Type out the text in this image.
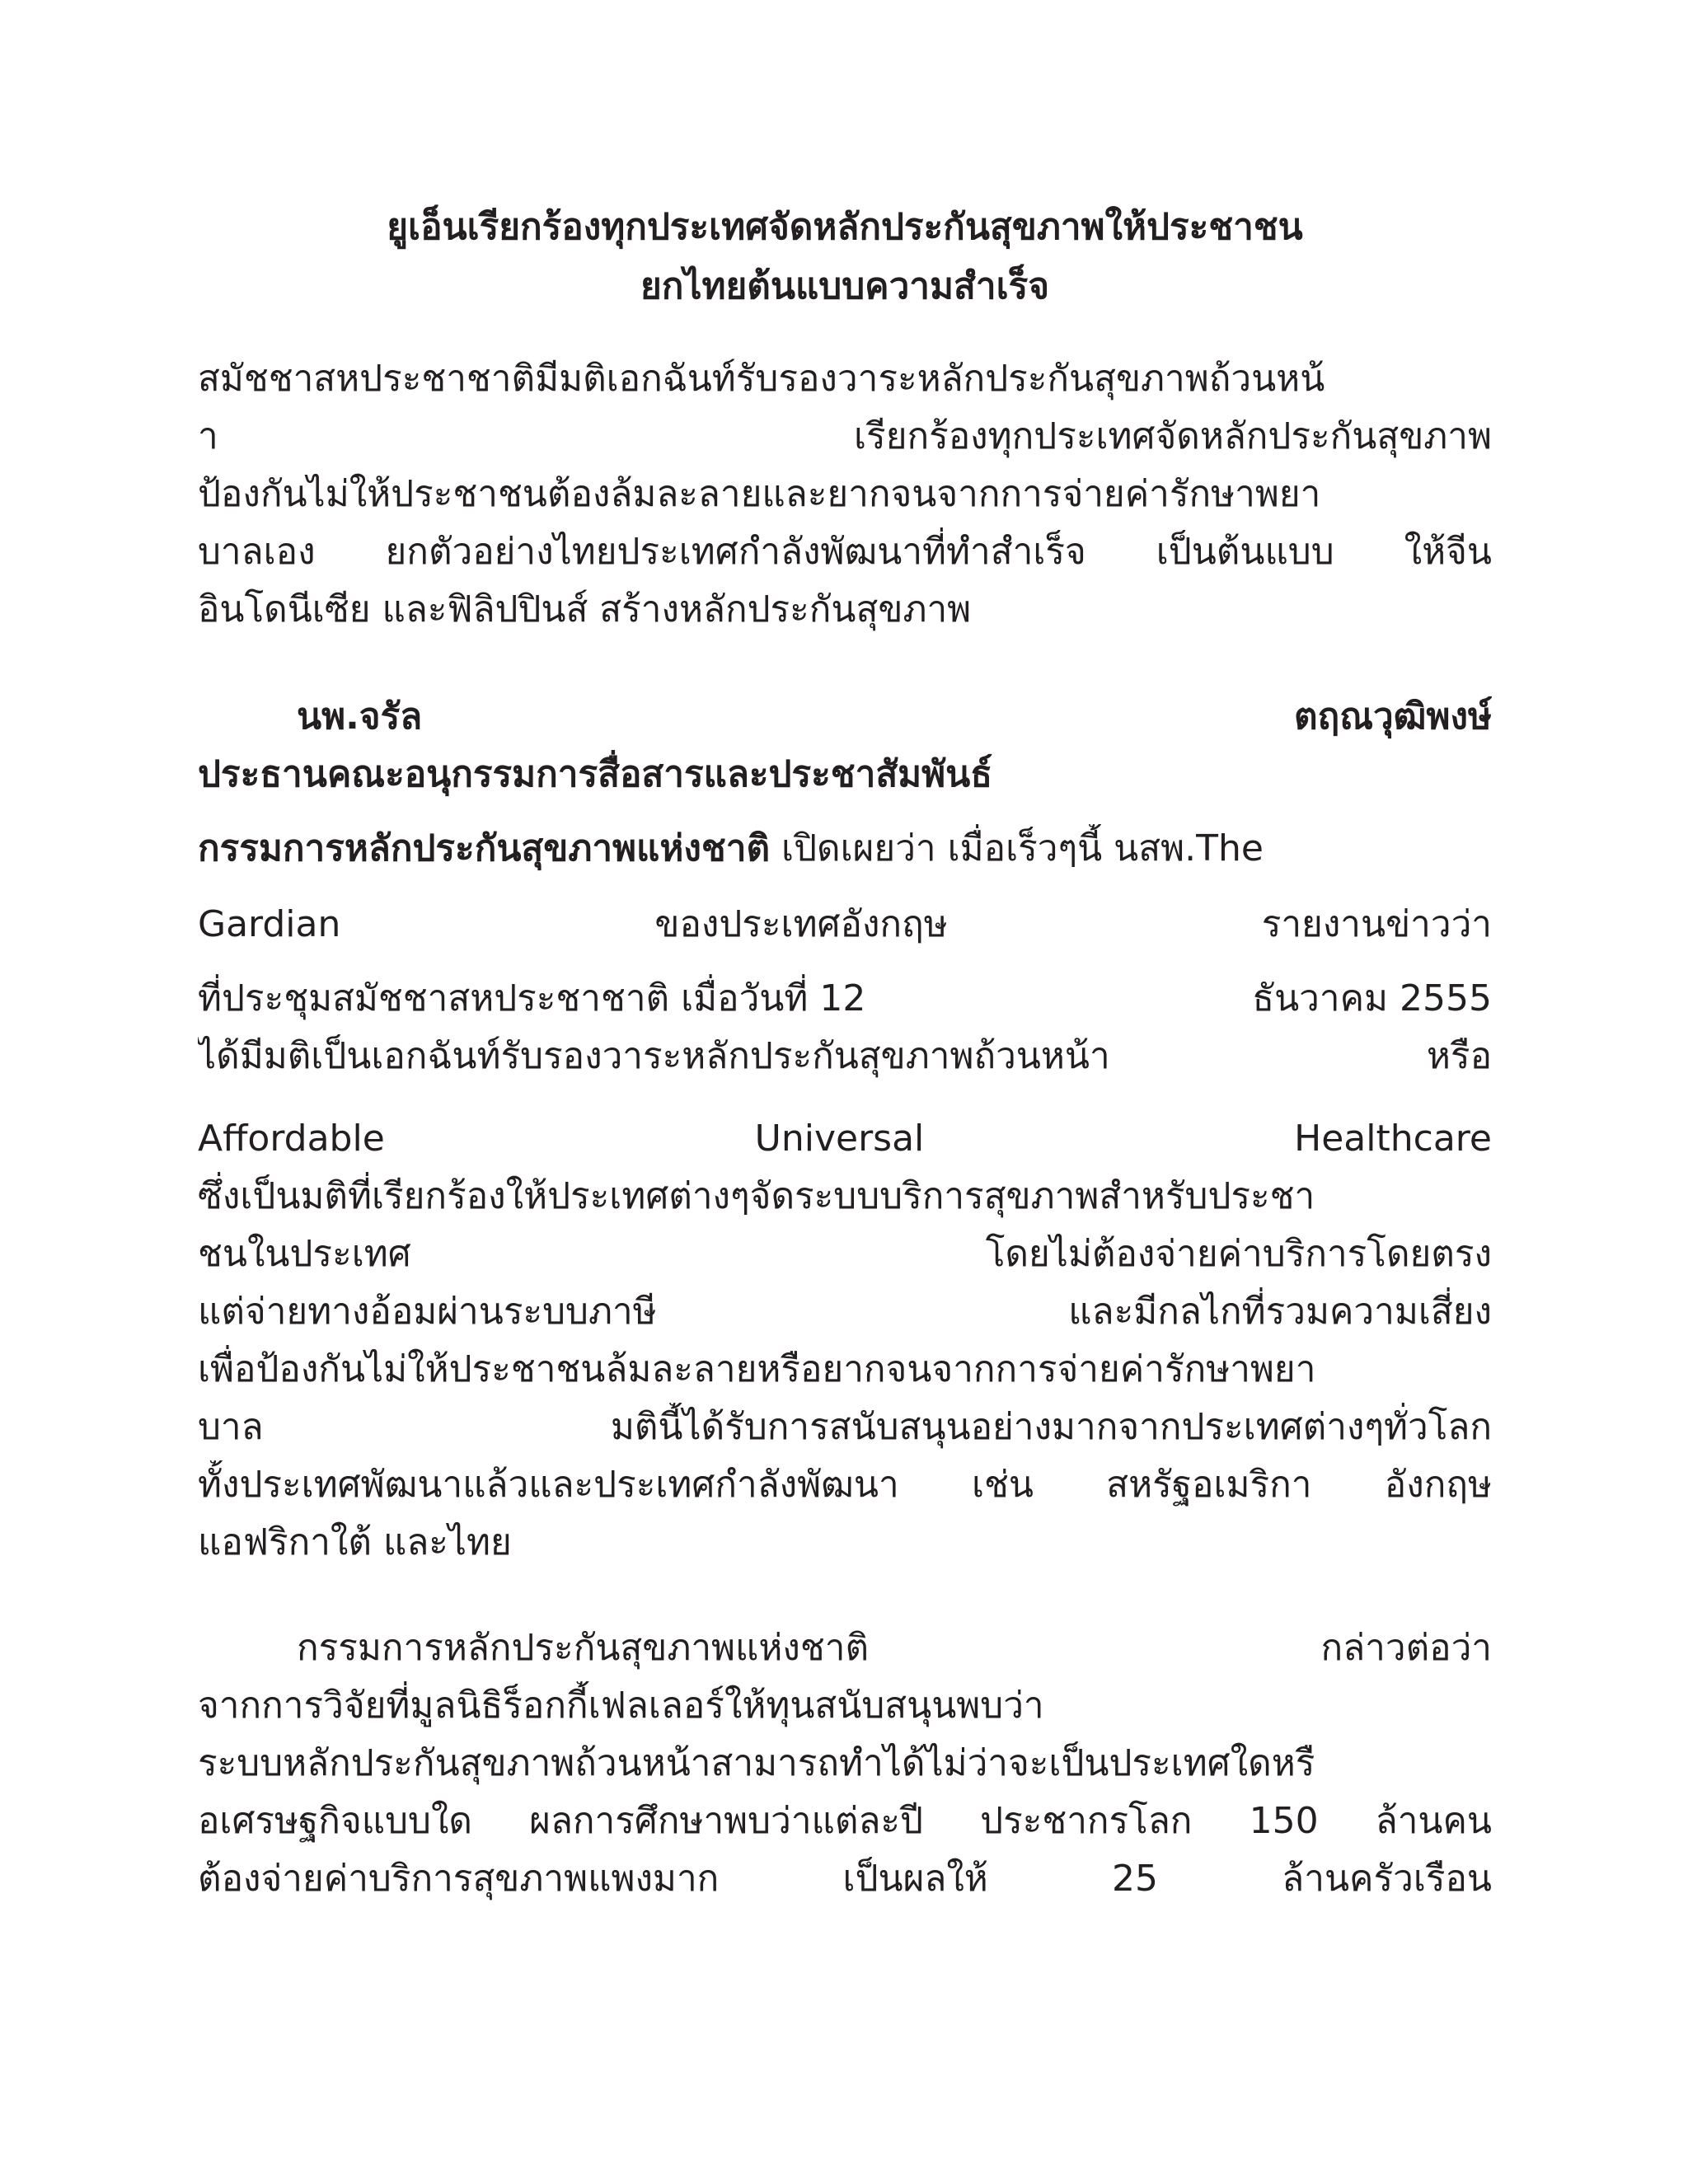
ยูเอ็นเรียกร้องทุกประเทศจัดหลักประกันสุขภาพให้ประชาชน
ยกไทยต้นแบบความสำเร็จ
สมัชชาสหประชาชาติมีมติเอกฉันท์รับรองวาระหลักประกันสุขภาพถ้วนหน้
า เรียกร้องทุกประเทศจัดหลักประกันสุขภาพ
ป้องกันไม่ให้ประชาชนต้องล้มละลายและยากจนจากการจ่ายค่ารักษาพยา
บาลเอง ยกตัวอย่างไทยประเทศกำลังพัฒนาที่ทำสำเร็จ เป็นต้นแบบ ให้จีน
อินโดนีเซีย และฟิลิปปินส์ สร้างหลักประกันสุขภาพ
นพ.จรัล ตฤณวุฒิพงษ์
ประธานคณะอนุกรรมการสื่อสารและประชาสัมพันธ์
กรรมการหลักประกันสุขภาพแห่งชาติ เปิดเผยว่า เมื่อเร็วๆนี้ นสพ.The
Gardian ของประเทศอังกฤษ รายงานข่าวว่า
ที่ประชุมสมัชชาสหประชาชาติ เมื่อวันที่ 12	ธันวาคม 2555
ได้มีมติเป็นเอกฉันท์รับรองวาระหลักประกันสุขภาพถ้วนหน้า หรือ
Affordable	Universal	Healthcare
ซึ่งเป็นมติที่เรียกร้องให้ประเทศต่างๆจัดระบบบริการสุขภาพสำหรับประชา
ชนในประเทศ โดยไม่ต้องจ่ายค่าบริการโดยตรง
แต่จ่ายทางอ้อมผ่านระบบภาษี และมีกลไกที่รวมความเสี่ยง
เพื่อป้องกันไม่ให้ประชาชนล้มละลายหรือยากจนจากการจ่ายค่ารักษาพยา
บาล มตินี้ได้รับการสนับสนุนอย่างมากจากประเทศต่างๆทั่วโลก
ทั้งประเทศพัฒนาแล้วและประเทศกำลังพัฒนา เช่น สหรัฐอเมริกา อังกฤษ
แอฟริกาใต้ และไทย
กรรมการหลักประกันสุขภาพแห่งชาติ กล่าวต่อว่า
จากการวิจัยที่มูลนิธิร็อกกี้เฟลเลอร์ให้ทุนสนับสนุนพบว่า
ระบบหลักประกันสุขภาพถ้วนหน้าสามารถทำได้ไม่ว่าจะเป็นประเทศใดหรื
อเศรษฐกิจแบบใด ผลการศึกษาพบว่าแต่ละปี ประชากรโลก 150 ล้านคน
ต้องจ่ายค่าบริการสุขภาพแพงมาก เป็นผลให้ 25 ล้านครัวเรือน
